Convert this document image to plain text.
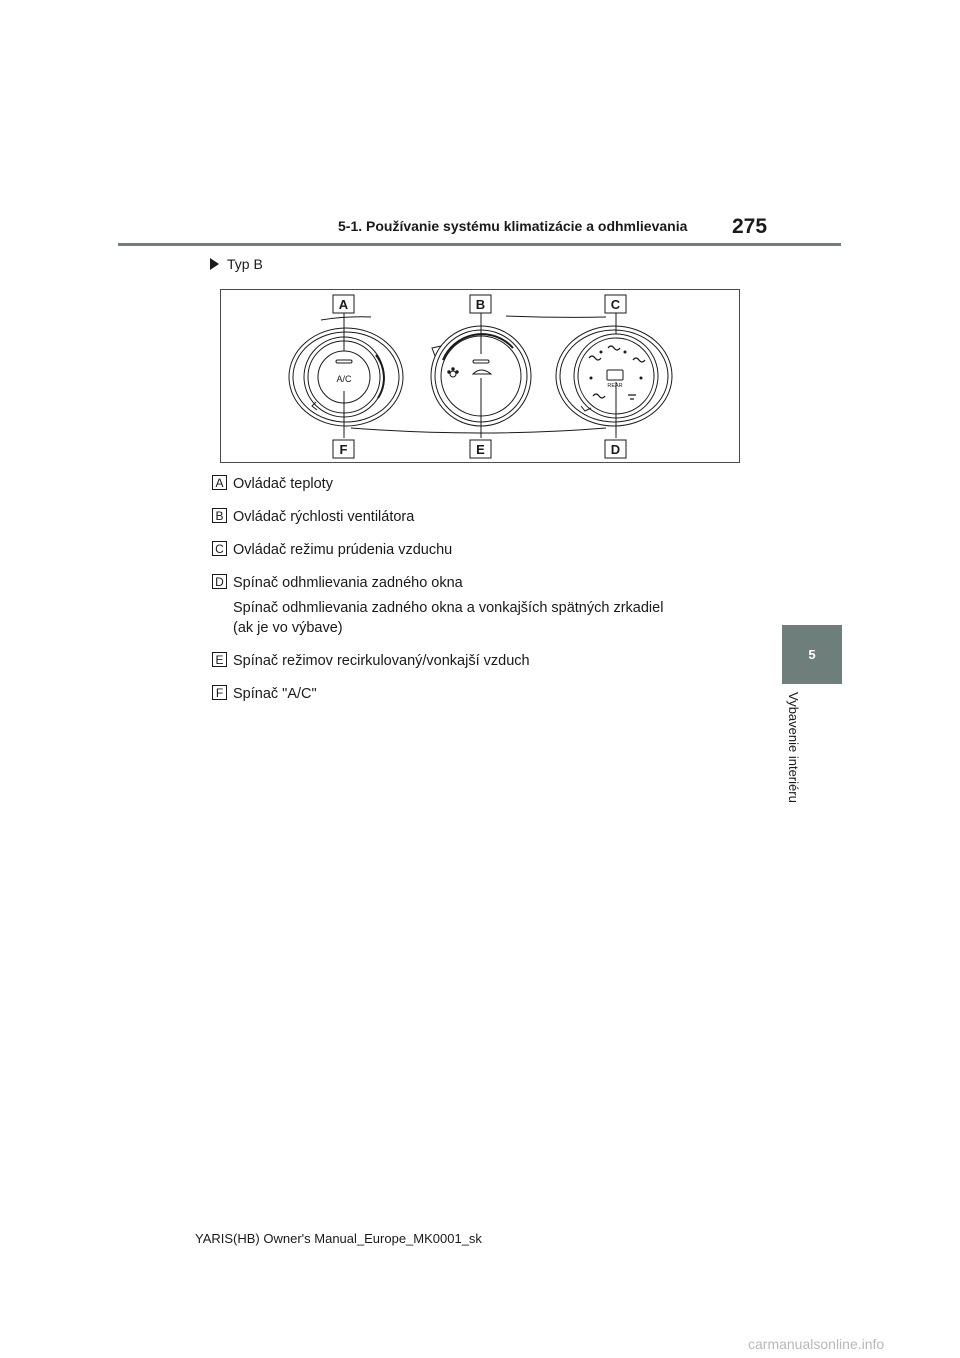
5-1. Používanie systému klimatizácie a odhmlievania 275
5
Vybavenie interiéru
Typ B
A/C
REAR
A	B	C
F	E	D
A Ovládač teploty
B Ovládač rýchlosti ventilátora
C Ovládač režimu prúdenia vzduchu
D Spínač odhmlievania zadného okna
Spínač odhmlievania zadného okna a vonkajších spätných zrkadiel
(ak je vo výbave)
E Spínač režimov recirkulovaný/vonkajší vzduch
F Spínač "A/C"
YARIS(HB) Owner's Manual_Europe_MK0001_sk
carmanualsonline.info
